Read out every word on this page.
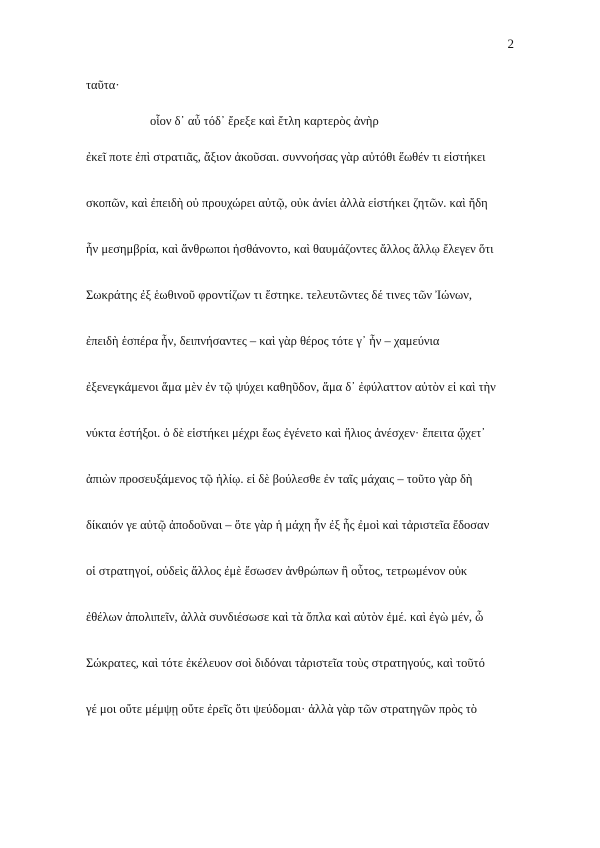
2
ταῦτα·
οἷον δ᾽ αὖ τόδ᾽ ἔρεξε καὶ ἔτλη καρτερὸς ἀνὴρ
ἐκεῖ ποτε ἐπὶ στρατιᾶς, ἄξιον ἀκοῦσαι. συννοήσας γὰρ αὐτόθι ἕωθέν τι εἱστήκει
σκοπῶν, καὶ ἐπειδὴ οὐ προυχώρει αὐτῷ, οὐκ ἀνίει ἀλλὰ εἱστήκει ζητῶν. καὶ ἤδη
ἦν μεσημβρία, καὶ ἄνθρωποι ἠσθάνοντο, καὶ θαυμάζοντες ἄλλος ἄλλῳ ἔλεγεν ὅτι
Σωκράτης ἐξ ἑωθινοῦ φροντίζων τι ἕστηκε. τελευτῶντες δέ τινες τῶν Ἰώνων,
ἐπειδὴ ἑσπέρα ἦν, δειπνήσαντες – καὶ γὰρ θέρος τότε γ᾽ ἦν – χαμεύνια
ἐξενεγκάμενοι ἅμα μὲν ἐν τῷ ψύχει καθηῦδον, ἅμα δ᾽ ἐφύλαττον αὐτὸν εἰ καὶ τὴν
νύκτα ἑστήξοι. ὁ δὲ εἱστήκει μέχρι ἕως ἐγένετο καὶ ἥλιος ἀνέσχεν· ἔπειτα ᾤχετ᾽
ἀπιὼν προσευξάμενος τῷ ἡλίῳ. εἰ δὲ βούλεσθε ἐν ταῖς μάχαις – τοῦτο γὰρ δὴ
δίκαιόν γε αὐτῷ ἀποδοῦναι – ὅτε γὰρ ἡ μάχη ἦν ἐξ ἧς ἐμοὶ καὶ τἀριστεῖα ἔδοσαν
οἱ στρατηγοί, οὐδεὶς ἄλλος ἐμὲ ἔσωσεν ἀνθρώπων ἢ οὗτος, τετρωμένον οὐκ
ἐθέλων ἀπολιπεῖν, ἀλλὰ συνδιέσωσε καὶ τὰ ὅπλα καὶ αὐτὸν ἐμέ. καὶ ἐγὼ μέν, ὦ
Σώκρατες, καὶ τότε ἐκέλευον σοὶ διδόναι τἀριστεῖα τοὺς στρατηγούς, καὶ τοῦτό
γέ μοι οὔτε μέμψῃ οὔτε ἐρεῖς ὅτι ψεύδομαι· ἀλλὰ γὰρ τῶν στρατηγῶν πρὸς τὸ
